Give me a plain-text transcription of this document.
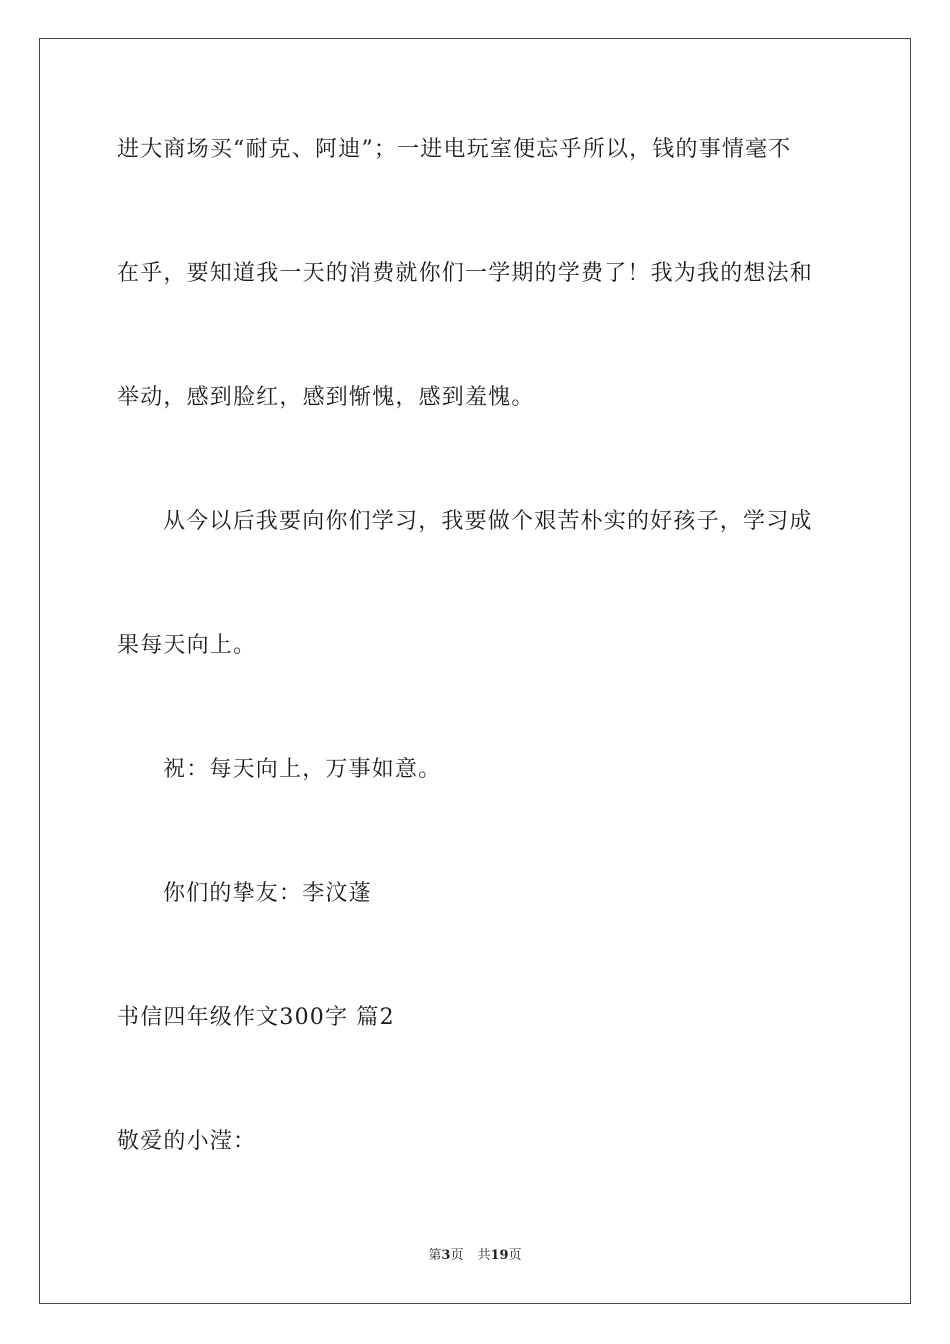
进大商场买“耐克、阿迪”；一进电玩室便忘乎所以，钱的事情毫不
在乎，要知道我一天的消费就你们一学期的学费了！我为我的想法和
举动，感到脸红，感到惭愧，感到羞愧。
从今以后我要向你们学习，我要做个艰苦朴实的好孩子，学习成
果每天向上。
祝：每天向上，万事如意。
你们的挚友：李汶蓬
书信四年级作文300字 篇2
敬爱的小滢：
第3页 共19页
